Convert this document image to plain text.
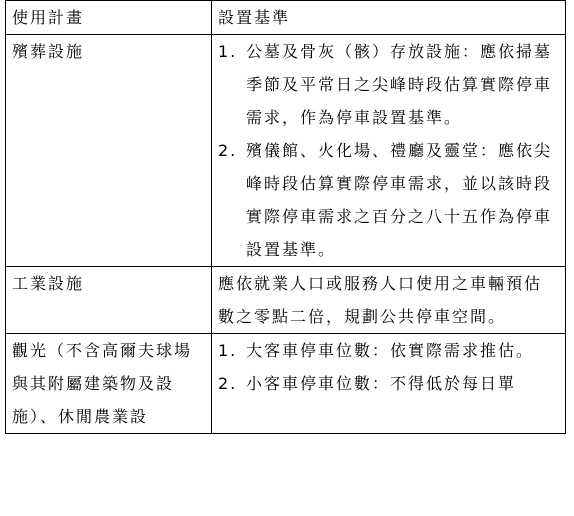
使用計畫	設置基準
殯葬設施	1. 公墓及骨灰（骸）存放設施：應依掃墓季節及平常日之尖峰時段估算實際停車需求，作為停車設置基準。
2. 殯儀館、火化場、禮廳及靈堂：應依尖峰時段估算實際停車需求，並以該時段實際停車需求之百分之八十五作為停車設置基準。

工業設施	應依就業人口或服務人口使用之車輛預估數之零點二倍，規劃公共停車空間。
觀光（不含高爾夫球場與其附屬建築物及設施）、休閒農業設	1. 大客車停車位數：依實際需求推估。
2. 小客車停車位數：不得低於每日單
